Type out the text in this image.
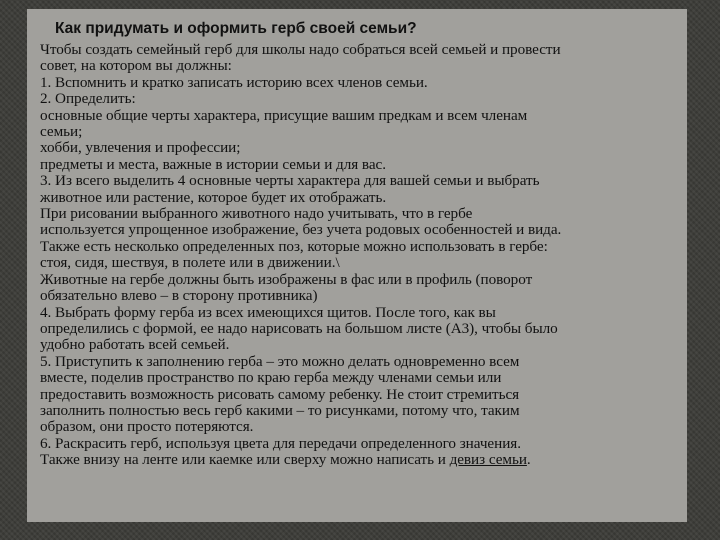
Как придумать и оформить герб своей семьи?
Чтобы создать семейный герб для школы надо собраться всей семьей и провести
совет, на котором вы должны:
1. Вспомнить и кратко записать историю всех членов семьи.
2. Определить:
основные общие черты характера, присущие вашим предкам и всем членам
семьи;
хобби, увлечения и профессии;
предметы и места, важные в истории семьи и для вас.
3. Из всего выделить 4 основные черты характера для вашей семьи и выбрать
животное или растение, которое будет их отображать.
При рисовании выбранного животного надо учитывать, что в гербе
используется упрощенное изображение, без учета родовых особенностей и вида.
Также есть несколько определенных поз, которые можно использовать в гербе:
стоя, сидя, шествуя, в полете или в движении.\
Животные на гербе должны быть изображены в фас или в профиль (поворот
обязательно влево – в сторону противника)
4. Выбрать форму герба из всех имеющихся щитов. После того, как вы
определились с формой, ее надо нарисовать на большом листе (А3), чтобы было
удобно работать всей семьей.
5. Приступить к заполнению герба – это можно делать одновременно всем
вместе, поделив пространство по краю герба между членами семьи или
предоставить возможность рисовать самому ребенку. Не стоит стремиться
заполнить полностью весь герб какими – то рисунками, потому что, таким
образом, они просто потеряются.
6. Раскрасить герб, используя цвета для передачи определенного значения.
Также внизу на ленте или каемке или сверху можно написать и девиз семьи.
